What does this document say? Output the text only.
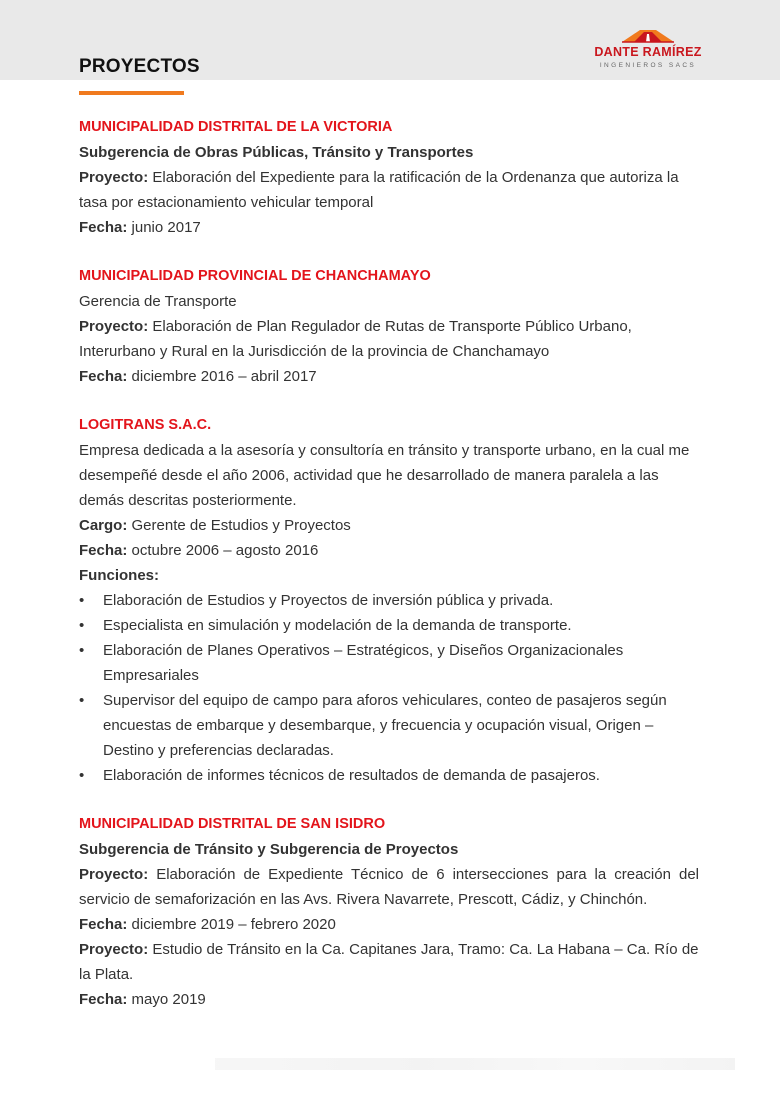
PROYECTOS
DANTE RAMÍREZ
INGENIEROS SACS
MUNICIPALIDAD DISTRITAL DE LA VICTORIA
Subgerencia de Obras Públicas, Tránsito y Transportes
Proyecto: Elaboración del Expediente para la ratificación de la Ordenanza que autoriza la tasa por estacionamiento vehicular temporal
Fecha: junio 2017
MUNICIPALIDAD PROVINCIAL DE CHANCHAMAYO
Gerencia de Transporte
Proyecto: Elaboración de Plan Regulador de Rutas de Transporte Público Urbano, Interurbano y Rural en la Jurisdicción de la provincia de Chanchamayo
Fecha: diciembre 2016 – abril 2017
LOGITRANS S.A.C.
Empresa dedicada a la asesoría y consultoría en tránsito y transporte urbano, en la cual me desempeñé desde el año 2006, actividad que he desarrollado de manera paralela a las demás descritas posteriormente.
Cargo: Gerente de Estudios y Proyectos
Fecha: octubre 2006 – agosto 2016
Funciones:
• Elaboración de Estudios y Proyectos de inversión pública y privada.
• Especialista en simulación y modelación de la demanda de transporte.
• Elaboración de Planes Operativos – Estratégicos, y Diseños Organizacionales Empresariales
• Supervisor del equipo de campo para aforos vehiculares, conteo de pasajeros según encuestas de embarque y desembarque, y frecuencia y ocupación visual, Origen – Destino y preferencias declaradas.
• Elaboración de informes técnicos de resultados de demanda de pasajeros.
MUNICIPALIDAD DISTRITAL DE SAN ISIDRO
Subgerencia de Tránsito y Subgerencia de Proyectos
Proyecto: Elaboración de Expediente Técnico de 6 intersecciones para la creación del servicio de semaforización en las Avs. Rivera Navarrete, Prescott, Cádiz, y Chinchón.
Fecha: diciembre 2019 – febrero 2020
Proyecto: Estudio de Tránsito en la Ca. Capitanes Jara, Tramo: Ca. La Habana – Ca. Río de la Plata.
Fecha: mayo 2019
